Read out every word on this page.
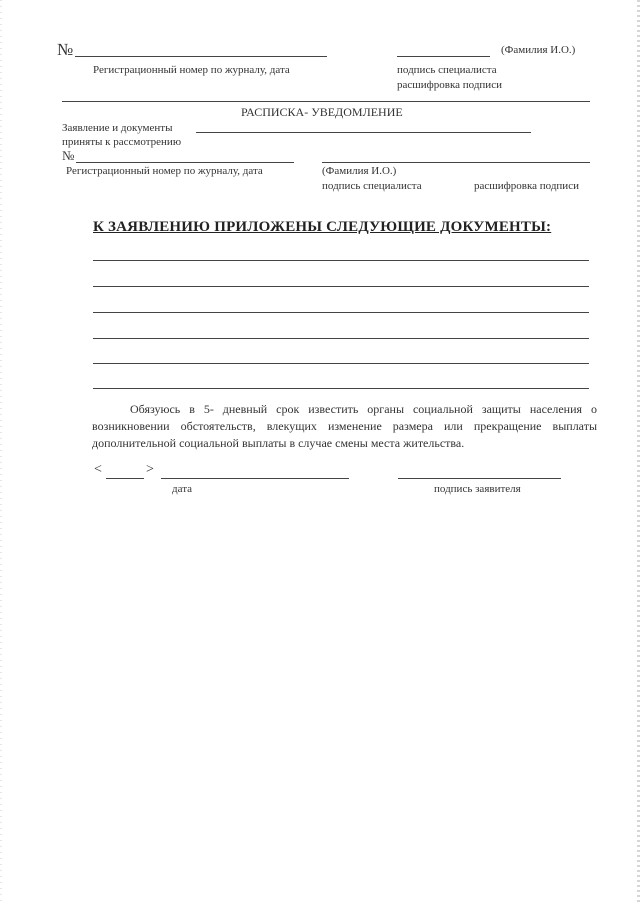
№
Регистрационный номер по журналу, дата
(Фамилия И.О.)
подпись специалиста
расшифровка подписи
РАСПИСКА- УВЕДОМЛЕНИЕ
Заявление и документы
приняты к рассмотрению
№
Регистрационный номер по журналу, дата	(Фамилия И.О.)
подпись специалиста	расшифровка подписи
К ЗАЯВЛЕНИЮ ПРИЛОЖЕНЫ СЛЕДУЮЩИЕ ДОКУМЕНТЫ:
Обязуюсь в 5- дневный срок известить органы социальной защиты населения о возникновении обстоятельств, влекущих изменение размера или прекращение выплаты дополнительной социальной выплаты в случае смены места жительства.
<	>
дата	подпись заявителя
